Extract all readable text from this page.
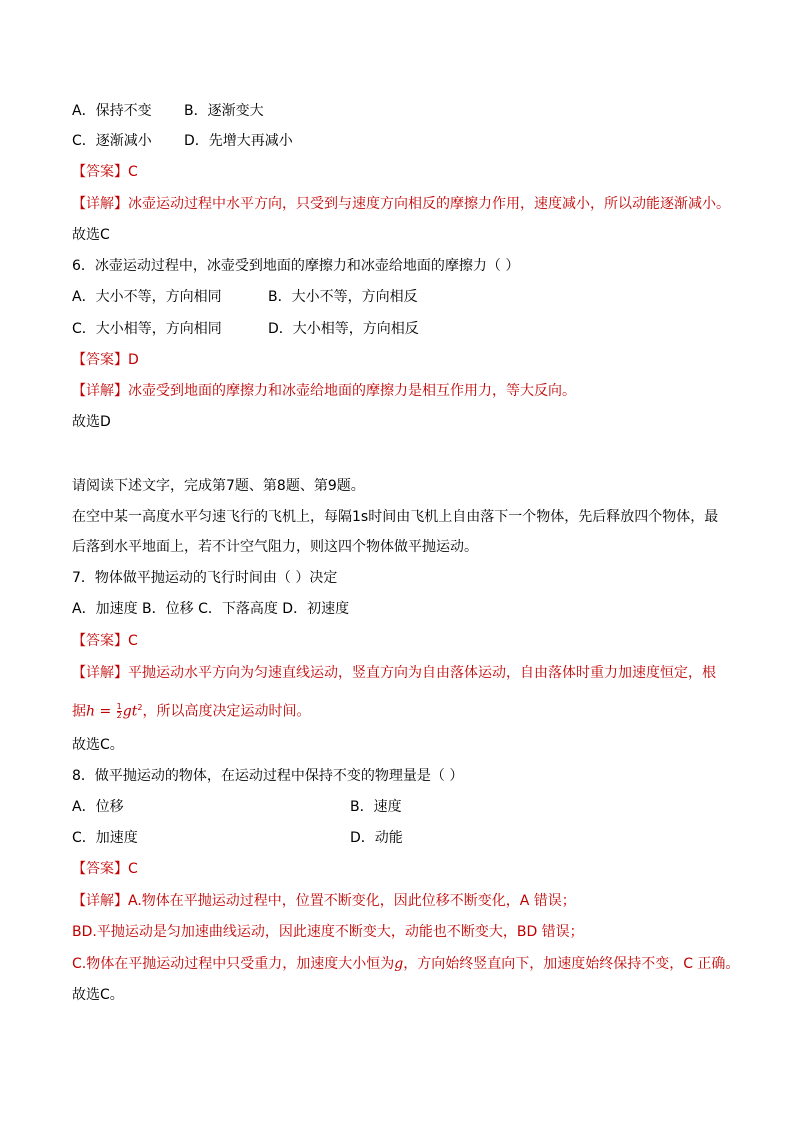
A．保持不变 B．逐渐变大
C．逐渐减小 D．先增大再减小
【答案】C
【详解】冰壶运动过程中水平方向，只受到与速度方向相反的摩擦力作用，速度减小，所以动能逐渐减小。
故选C
6．冰壶运动过程中，冰壶受到地面的摩擦力和冰壶给地面的摩擦力（ ）
A．大小不等，方向相同	B．大小不等，方向相反
C．大小相等，方向相同	D．大小相等，方向相反
【答案】D
【详解】冰壶受到地面的摩擦力和冰壶给地面的摩擦力是相互作用力，等大反向。
故选D
请阅读下述文字，完成第7题、第8题、第9题。
在空中某一高度水平匀速飞行的飞机上，每隔1s时间由飞机上自由落下一个物体，先后释放四个物体，最
后落到水平地面上，若不计空气阻力，则这四个物体做平抛运动。
7．物体做平抛运动的飞行时间由（ ）决定
A．加速度 B．位移 C．下落高度 D．初速度
【答案】C
【详解】平抛运动水平方向为匀速直线运动，竖直方向为自由落体运动，自由落体时重力加速度恒定，根
据$h = \frac{1}{2} gt^2$，所以高度决定运动时间。
故选C。
8．做平抛运动的物体，在运动过程中保持不变的物理量是（ ）
A．位移	B．速度
C．加速度	D．动能
【答案】C
【详解】A.物体在平抛运动过程中，位置不断变化，因此位移不断变化，A 错误；
BD.平抛运动是匀加速曲线运动，因此速度不断变大，动能也不断变大，BD 错误；
C.物体在平抛运动过程中只受重力，加速度大小恒为g，方向始终竖直向下，加速度始终保持不变，C 正确。
故选C。
